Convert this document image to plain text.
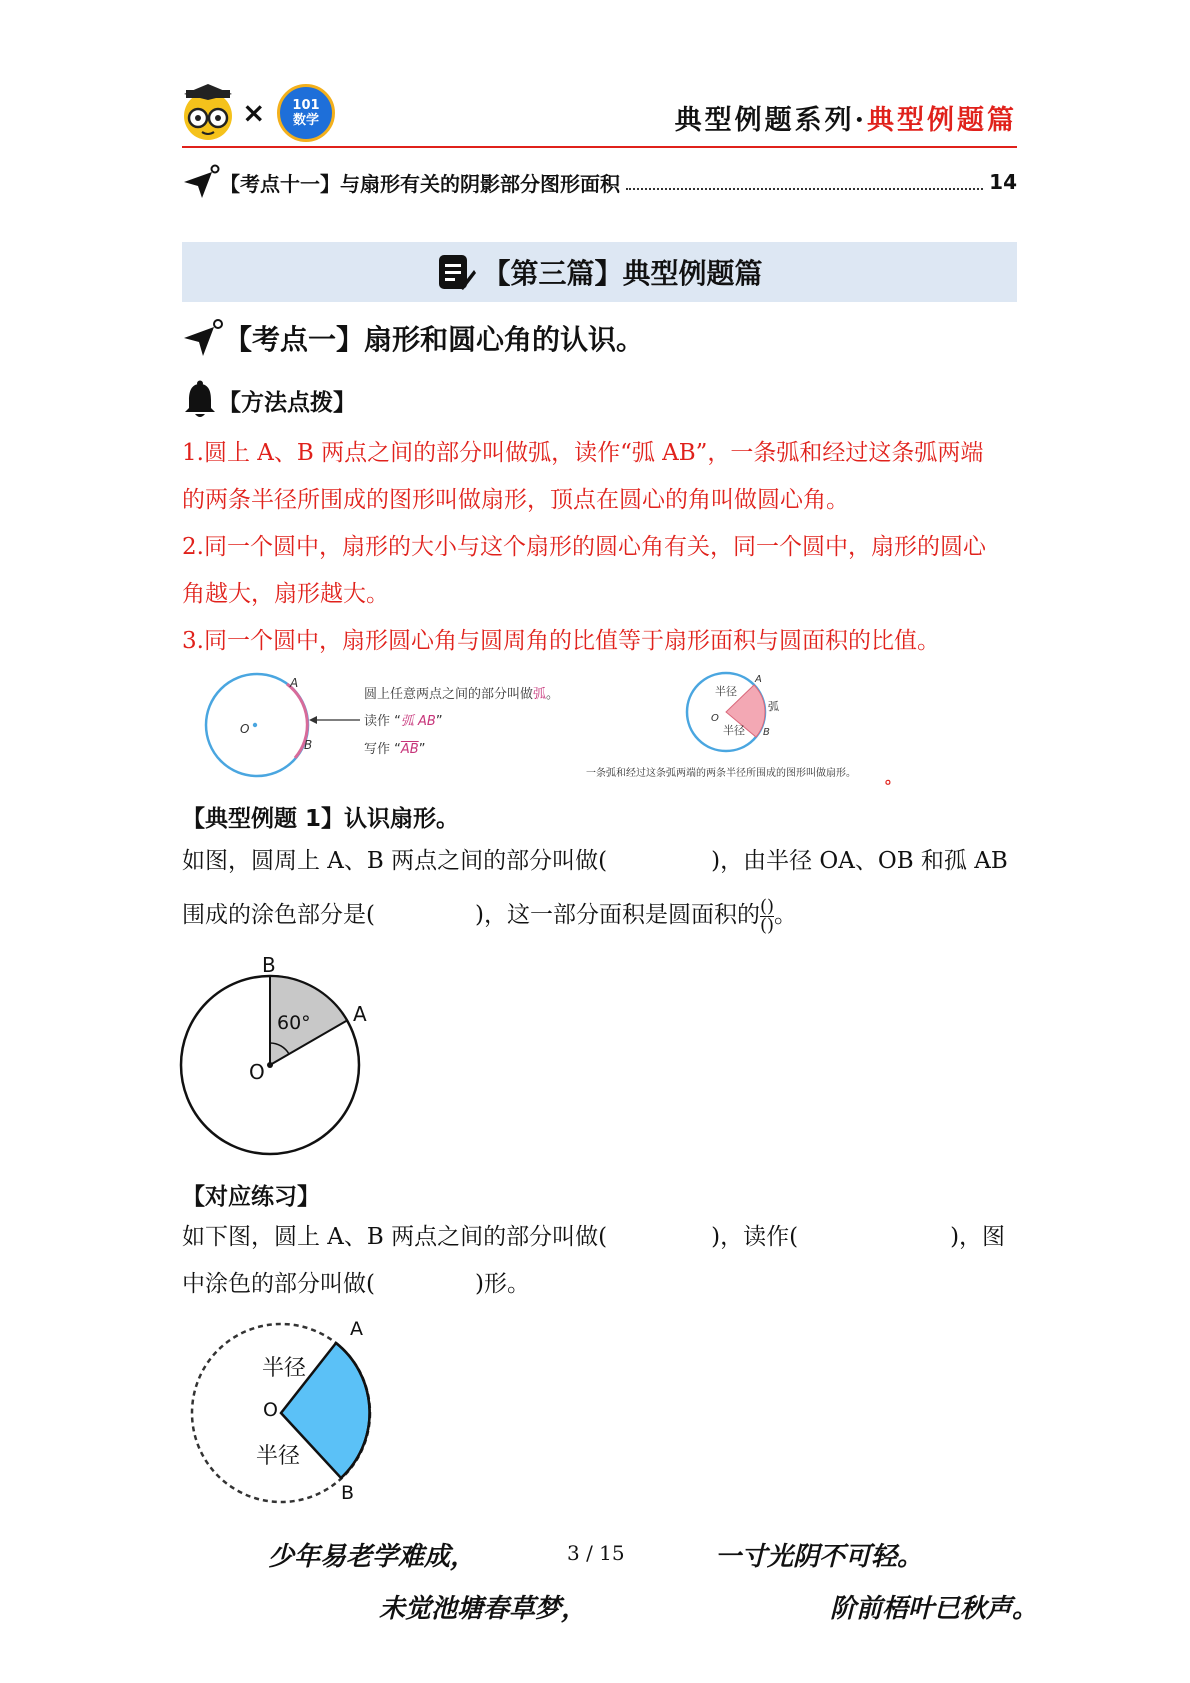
×	101
数学	典型例题系列·典型例题篇
【考点十一】与扇形有关的阴影部分图形面积	14
【第三篇】典型例题篇
【考点一】扇形和圆心角的认识。
【方法点拨】
1.圆上 A、B 两点之间的部分叫做弧，读作“弧 AB”，一条弧和经过这条弧两端
的两条半径所围成的图形叫做扇形，顶点在圆心的角叫做圆心角。
2.同一个圆中，扇形的大小与这个扇形的圆心角有关，同一个圆中，扇形的圆心
角越大，扇形越大。
3.同一个圆中，扇形圆心角与圆周角的比值等于扇形面积与圆面积的比值。
A
B
O
圆上任意两点之间的部分叫做弧。
读作 “弧 AB”
写作 “$\overline{AB}$”
半径
半径
弧
A
B
O
一条弧和经过这条弧两端的两条半径所围成的图形叫做扇形。 。
【典型例题 1】认识扇形。
如图，圆周上 A、B 两点之间的部分叫做(	)，由半径 OA、OB 和孤 AB
围成的涂色部分是(	)，这一部分面积是圆面积的 $\frac{()}{()}$ 。
B
A
O
60°
【对应练习】
如下图，圆上 A、B 两点之间的部分叫做(	)，读作(	)，图
中涂色的部分叫做(	)形。
A
B
O
半径
半径
少年易老学难成，	3 / 15	一寸光阴不可轻。
未觉池塘春草梦，	阶前梧叶已秋声。
